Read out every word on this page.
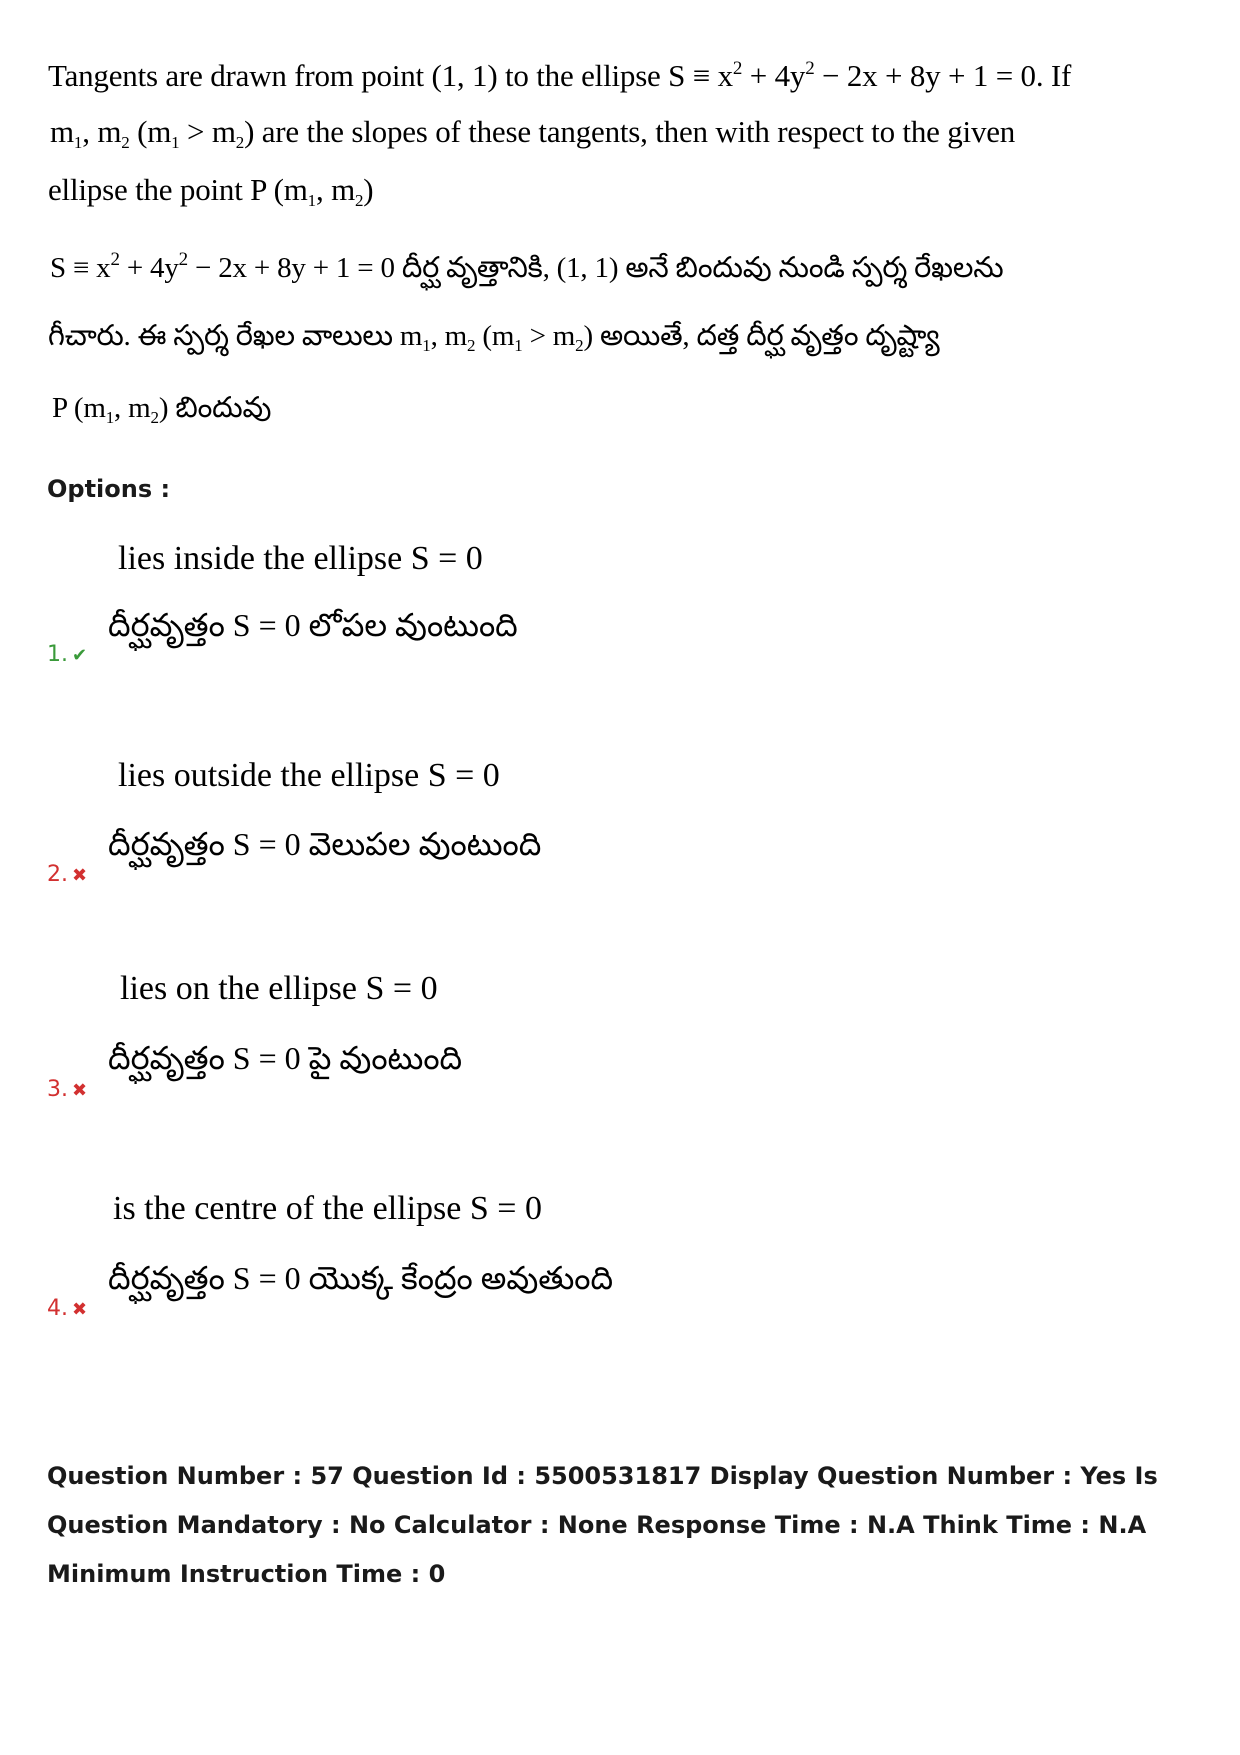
Tangents are drawn from point (1, 1) to the ellipse $S \equiv x^2 + 4y^2 - 2x + 8y + 1 = 0$. If
$m_1$, $m_2$ $(m_1 > m_2)$ are the slopes of these tangents, then with respect to the given
ellipse the point P ($m_1$, $m_2$)
$S \equiv x^2 + 4y^2 - 2x + 8y + 1 = 0$ దీర్ఘ వృత్తానికి, (1, 1) అనే బిందువు నుండి స్పర్శ రేఖలను
గీచారు. ఈ స్పర్శ రేఖల వాలులు $m_1$, $m_2$ $(m_1 > m_2)$ అయితే, దత్త దీర్ఘ వృత్తం దృష్ట్యా
P ($m_1$, $m_2$) బిందువు
Options :
lies inside the ellipse S = 0
దీర్ఘవృత్తం S = 0 లోపల వుంటుంది
1. ✔
lies outside the ellipse S = 0
దీర్ఘవృత్తం S = 0 వెలుపల వుంటుంది
2. ✖
lies on the ellipse S = 0
దీర్ఘవృత్తం S = 0 పై వుంటుంది
3. ✖
is the centre of the ellipse S = 0
దీర్ఘవృత్తం S = 0 యొక్క కేంద్రం అవుతుంది
4. ✖
Question Number : 57 Question Id : 5500531817 Display Question Number : Yes Is Question Mandatory : No Calculator : None Response Time : N.A Think Time : N.A Minimum Instruction Time : 0
